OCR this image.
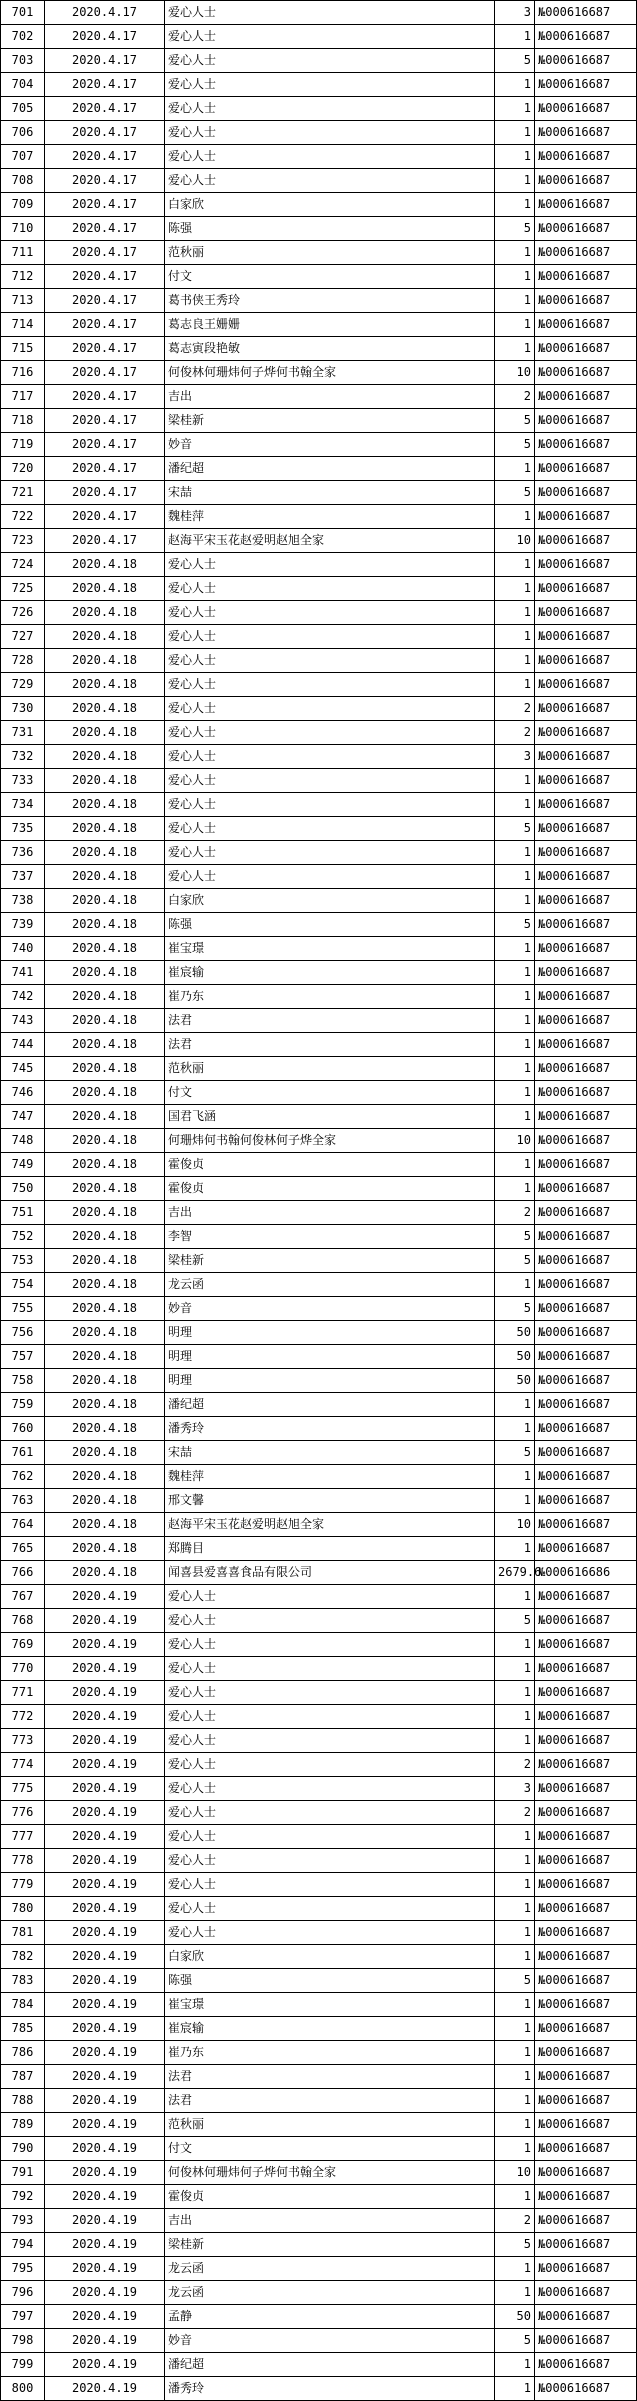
701	2020.4.17	爱心人士	3	№000616687
702	2020.4.17	爱心人士	1	№000616687
703	2020.4.17	爱心人士	5	№000616687
704	2020.4.17	爱心人士	1	№000616687
705	2020.4.17	爱心人士	1	№000616687
706	2020.4.17	爱心人士	1	№000616687
707	2020.4.17	爱心人士	1	№000616687
708	2020.4.17	爱心人士	1	№000616687
709	2020.4.17	白家欣	1	№000616687
710	2020.4.17	陈强	5	№000616687
711	2020.4.17	范秋丽	1	№000616687
712	2020.4.17	付文	1	№000616687
713	2020.4.17	葛书侠王秀玲	1	№000616687
714	2020.4.17	葛志良王姗姗	1	№000616687
715	2020.4.17	葛志寅段艳敏	1	№000616687
716	2020.4.17	何俊林何珊炜何子烨何书翰全家	10	№000616687
717	2020.4.17	吉出	2	№000616687
718	2020.4.17	梁桂新	5	№000616687
719	2020.4.17	妙音	5	№000616687
720	2020.4.17	潘纪超	1	№000616687
721	2020.4.17	宋喆	5	№000616687
722	2020.4.17	魏桂萍	1	№000616687
723	2020.4.17	赵海平宋玉花赵爱明赵旭全家	10	№000616687
724	2020.4.18	爱心人士	1	№000616687
725	2020.4.18	爱心人士	1	№000616687
726	2020.4.18	爱心人士	1	№000616687
727	2020.4.18	爱心人士	1	№000616687
728	2020.4.18	爱心人士	1	№000616687
729	2020.4.18	爱心人士	1	№000616687
730	2020.4.18	爱心人士	2	№000616687
731	2020.4.18	爱心人士	2	№000616687
732	2020.4.18	爱心人士	3	№000616687
733	2020.4.18	爱心人士	1	№000616687
734	2020.4.18	爱心人士	1	№000616687
735	2020.4.18	爱心人士	5	№000616687
736	2020.4.18	爱心人士	1	№000616687
737	2020.4.18	爱心人士	1	№000616687
738	2020.4.18	白家欣	1	№000616687
739	2020.4.18	陈强	5	№000616687
740	2020.4.18	崔宝璟	1	№000616687
741	2020.4.18	崔宸输	1	№000616687
742	2020.4.18	崔乃东	1	№000616687
743	2020.4.18	法君	1	№000616687
744	2020.4.18	法君	1	№000616687
745	2020.4.18	范秋丽	1	№000616687
746	2020.4.18	付文	1	№000616687
747	2020.4.18	国君飞涵	1	№000616687
748	2020.4.18	何珊炜何书翰何俊林何子烨全家	10	№000616687
749	2020.4.18	霍俊贞	1	№000616687
750	2020.4.18	霍俊贞	1	№000616687
751	2020.4.18	吉出	2	№000616687
752	2020.4.18	李智	5	№000616687
753	2020.4.18	梁桂新	5	№000616687
754	2020.4.18	龙云函	1	№000616687
755	2020.4.18	妙音	5	№000616687
756	2020.4.18	明理	50	№000616687
757	2020.4.18	明理	50	№000616687
758	2020.4.18	明理	50	№000616687
759	2020.4.18	潘纪超	1	№000616687
760	2020.4.18	潘秀玲	1	№000616687
761	2020.4.18	宋喆	5	№000616687
762	2020.4.18	魏桂萍	1	№000616687
763	2020.4.18	邢文馨	1	№000616687
764	2020.4.18	赵海平宋玉花赵爱明赵旭全家	10	№000616687
765	2020.4.18	郑腾目	1	№000616687
766	2020.4.18	闻喜县爱喜喜食品有限公司	2679.6	№000616686
767	2020.4.19	爱心人士	1	№000616687
768	2020.4.19	爱心人士	5	№000616687
769	2020.4.19	爱心人士	1	№000616687
770	2020.4.19	爱心人士	1	№000616687
771	2020.4.19	爱心人士	1	№000616687
772	2020.4.19	爱心人士	1	№000616687
773	2020.4.19	爱心人士	1	№000616687
774	2020.4.19	爱心人士	2	№000616687
775	2020.4.19	爱心人士	3	№000616687
776	2020.4.19	爱心人士	2	№000616687
777	2020.4.19	爱心人士	1	№000616687
778	2020.4.19	爱心人士	1	№000616687
779	2020.4.19	爱心人士	1	№000616687
780	2020.4.19	爱心人士	1	№000616687
781	2020.4.19	爱心人士	1	№000616687
782	2020.4.19	白家欣	1	№000616687
783	2020.4.19	陈强	5	№000616687
784	2020.4.19	崔宝璟	1	№000616687
785	2020.4.19	崔宸输	1	№000616687
786	2020.4.19	崔乃东	1	№000616687
787	2020.4.19	法君	1	№000616687
788	2020.4.19	法君	1	№000616687
789	2020.4.19	范秋丽	1	№000616687
790	2020.4.19	付文	1	№000616687
791	2020.4.19	何俊林何珊炜何子烨何书翰全家	10	№000616687
792	2020.4.19	霍俊贞	1	№000616687
793	2020.4.19	吉出	2	№000616687
794	2020.4.19	梁桂新	5	№000616687
795	2020.4.19	龙云函	1	№000616687
796	2020.4.19	龙云函	1	№000616687
797	2020.4.19	孟静	50	№000616687
798	2020.4.19	妙音	5	№000616687
799	2020.4.19	潘纪超	1	№000616687
800	2020.4.19	潘秀玲	1	№000616687
